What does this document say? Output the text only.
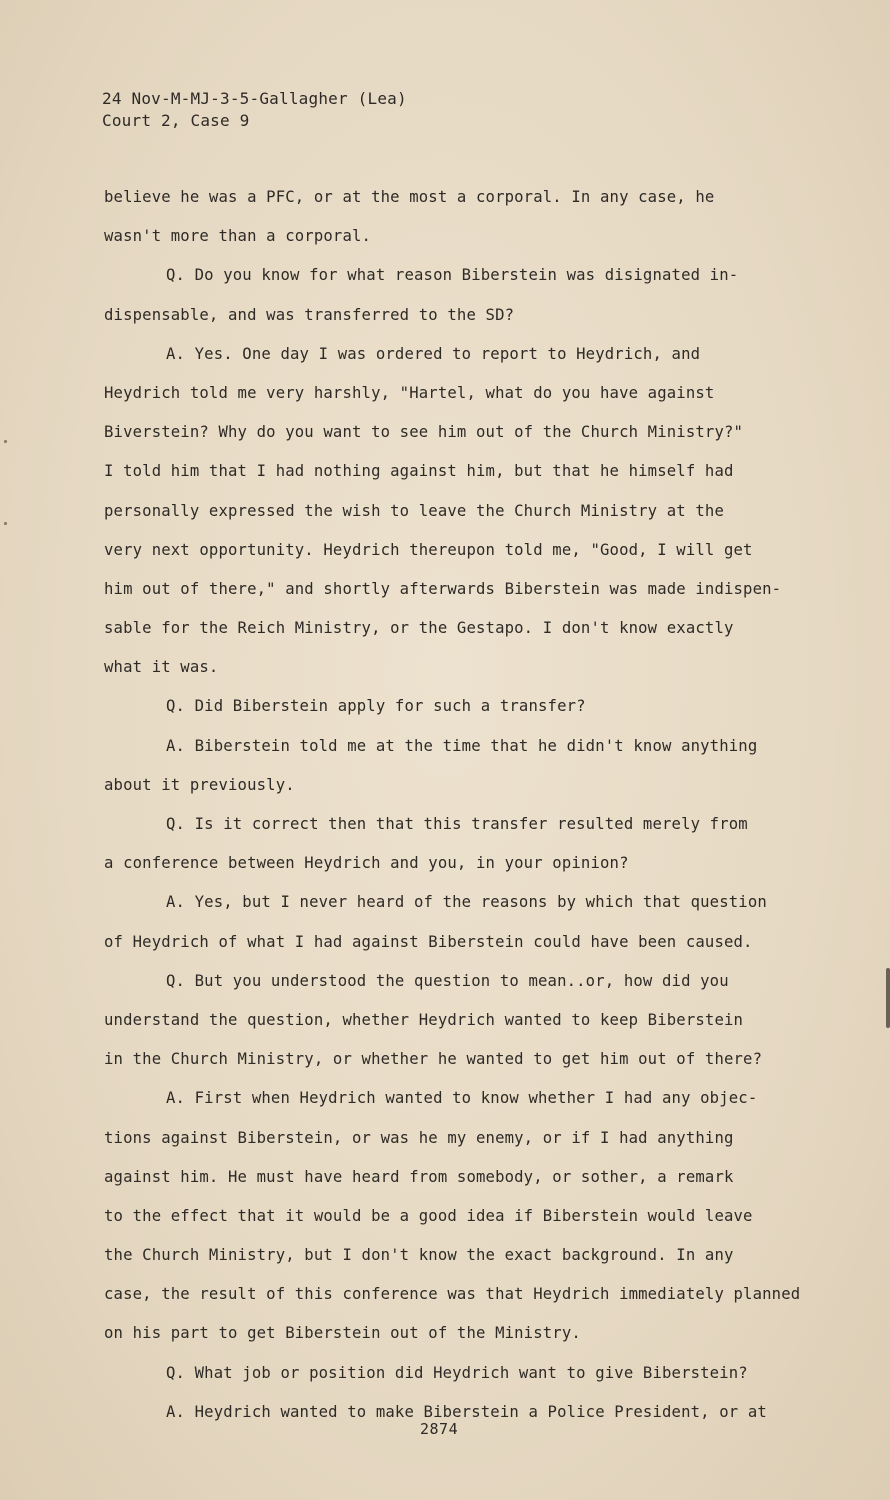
24 Nov-M-MJ-3-5-Gallagher (Lea)
Court 2, Case 9
believe he was a PFC, or at the most a corporal. In any case, he
wasn't more than a corporal.
Q. Do you know for what reason Biberstein was disignated in-
dispensable, and was transferred to the SD?
A. Yes. One day I was ordered to report to Heydrich, and
Heydrich told me very harshly, "Hartel, what do you have against
Biverstein? Why do you want to see him out of the Church Ministry?"
I told him that I had nothing against him, but that he himself had
personally expressed the wish to leave the Church Ministry at the
very next opportunity. Heydrich thereupon told me, "Good, I will get
him out of there," and shortly afterwards Biberstein was made indispen-
sable for the Reich Ministry, or the Gestapo. I don't know exactly
what it was.
Q. Did Biberstein apply for such a transfer?
A. Biberstein told me at the time that he didn't know anything
about it previously.
Q. Is it correct then that this transfer resulted merely from
a conference between Heydrich and you, in your opinion?
A. Yes, but I never heard of the reasons by which that question
of Heydrich of what I had against Biberstein could have been caused.
Q. But you understood the question to mean..or, how did you
understand the question, whether Heydrich wanted to keep Biberstein
in the Church Ministry, or whether he wanted to get him out of there?
A. First when Heydrich wanted to know whether I had any objec-
tions against Biberstein, or was he my enemy, or if I had anything
against him. He must have heard from somebody, or sother, a remark
to the effect that it would be a good idea if Biberstein would leave
the Church Ministry, but I don't know the exact background. In any
case, the result of this conference was that Heydrich immediately planned
on his part to get Biberstein out of the Ministry.
Q. What job or position did Heydrich want to give Biberstein?
A. Heydrich wanted to make Biberstein a Police President, or at
2874
